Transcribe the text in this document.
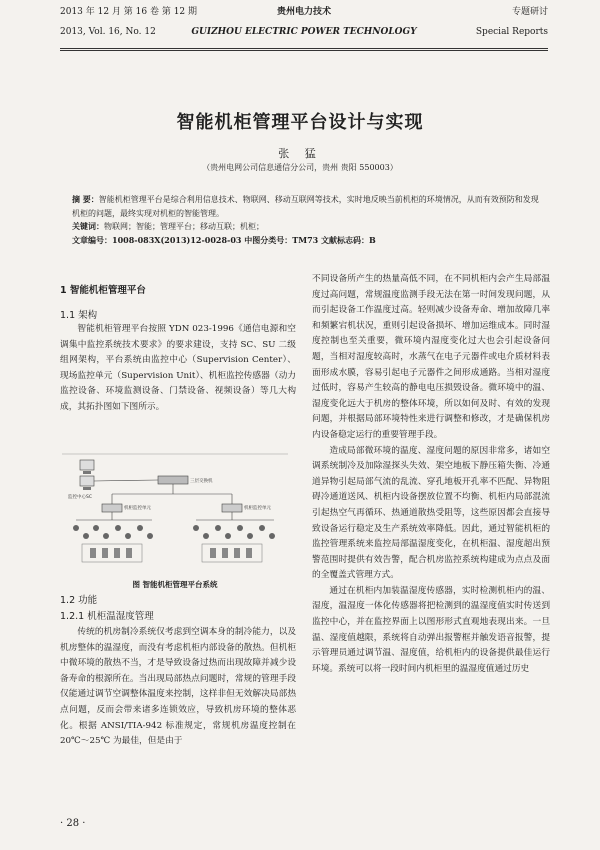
2013 年 12 月 第 16 卷 第 12 期	贵州电力技术	专题研讨
2013, Vol. 16, No. 12	GUIZHOU ELECTRIC POWER TECHNOLOGY	Special Reports
智能机柜管理平台设计与实现
张 猛
（贵州电网公司信息通信分公司，贵州 贵阳 550003）
摘 要：智能机柜管理平台是综合利用信息技术、物联网、移动互联网等技术，实时地反映当前机柜的环境情况，从而有效预防和发现机柜的问题，最终实现对机柜的智能管理。
关键词：物联网；智能；管理平台；移动互联；机柜；
文章编号：1008-083X(2013)12-0028-03 中图分类号：TM73 文献标志码：B
1 智能机柜管理平台
1.1 架构

智能机柜管理平台按照 YDN 023-1996《通信电源和空调集中监控系统技术要求》的要求建设，支持 SC、SU 二级组网架构，平台系统由监控中心（Supervision Center）、现场监控单元（Supervision Unit）、机柜监控传感器（动力监控设备、环境监测设备、门禁设备、视频设备）等几大构成，其拓扑图如下图所示。

监控中心SC
三层交换机
机柜监控单元	机柜监控单元
图 智能机柜管理平台系统
1.2 功能
1.2.1 机柜温湿度管理

传统的机房制冷系统仅考虑到空调本身的制冷能力，以及机房整体的温湿度，而没有考虑机柜内部设备的散热。但机柜中微环境的散热不当，才是导致设备过热而出现故障并减少设备寿命的根源所在。当出现局部热点问题时，常规的管理手段仅能通过调节空调整体温度来控制，这样非但无效解决局部热点问题，反而会带来诸多连锁效应，导致机房环境的整体恶化。根据 ANSI/TIA-942 标准规定，常规机房温度控制在 20℃～25℃ 为最佳，但是由于

不同设备所产生的热量高低不同，在不同机柜内会产生局部温度过高问题，常规温度监测手段无法在第一时间发现问题，从而引起设备工作温度过高。轻则减少设备寿命、增加故障几率和频繁宕机状况，重则引起设备损坏、增加运维成本。同时湿度控制也至关重要，微环境内湿度变化过大也会引起设备问题，当相对湿度较高时，水蒸气在电子元器件或电介质材料表面形成水膜，容易引起电子元器件之间形成通路。当相对湿度过低时，容易产生较高的静电电压损毁设备。微环境中的温、湿度变化远大于机房的整体环境，所以如何及时、有效的发现问题，并根据局部环境特性来进行调整和修改，才是确保机房内设备稳定运行的重要管理手段。

造成局部微环境的温度、湿度问题的原因非常多，诸如空调系统制冷及加除湿探头失效、架空地板下静压箱失衡、冷通道异物引起局部气流的乱流、穿孔地板开孔率不匹配、异物阻碍冷通道送风、机柜内设备摆放位置不均衡、机柜内局部混流引起热空气再循环、热通道散热受阻等，这些原因都会直接导致设备运行稳定及生产系统效率降低。因此，通过智能机柜的监控管理系统来监控局部温湿度变化，在机柜温、湿度超出预警范围时提供有效告警，配合机房监控系统构建成为点点及面的全覆盖式管理方式。

通过在机柜内加装温湿度传感器，实时检测机柜内的温、湿度，温湿度一体化传感器将把检测到的温湿度值实时传送到监控中心，并在监控界面上以图形形式直观地表现出来。一旦温、湿度值越限，系统将自动弹出报警框并触发语音报警，提示管理员通过调节温、湿度值，给机柜内的设备提供最佳运行环境。系统可以将一段时间内机柜里的温湿度值通过历史

· 28 ·
